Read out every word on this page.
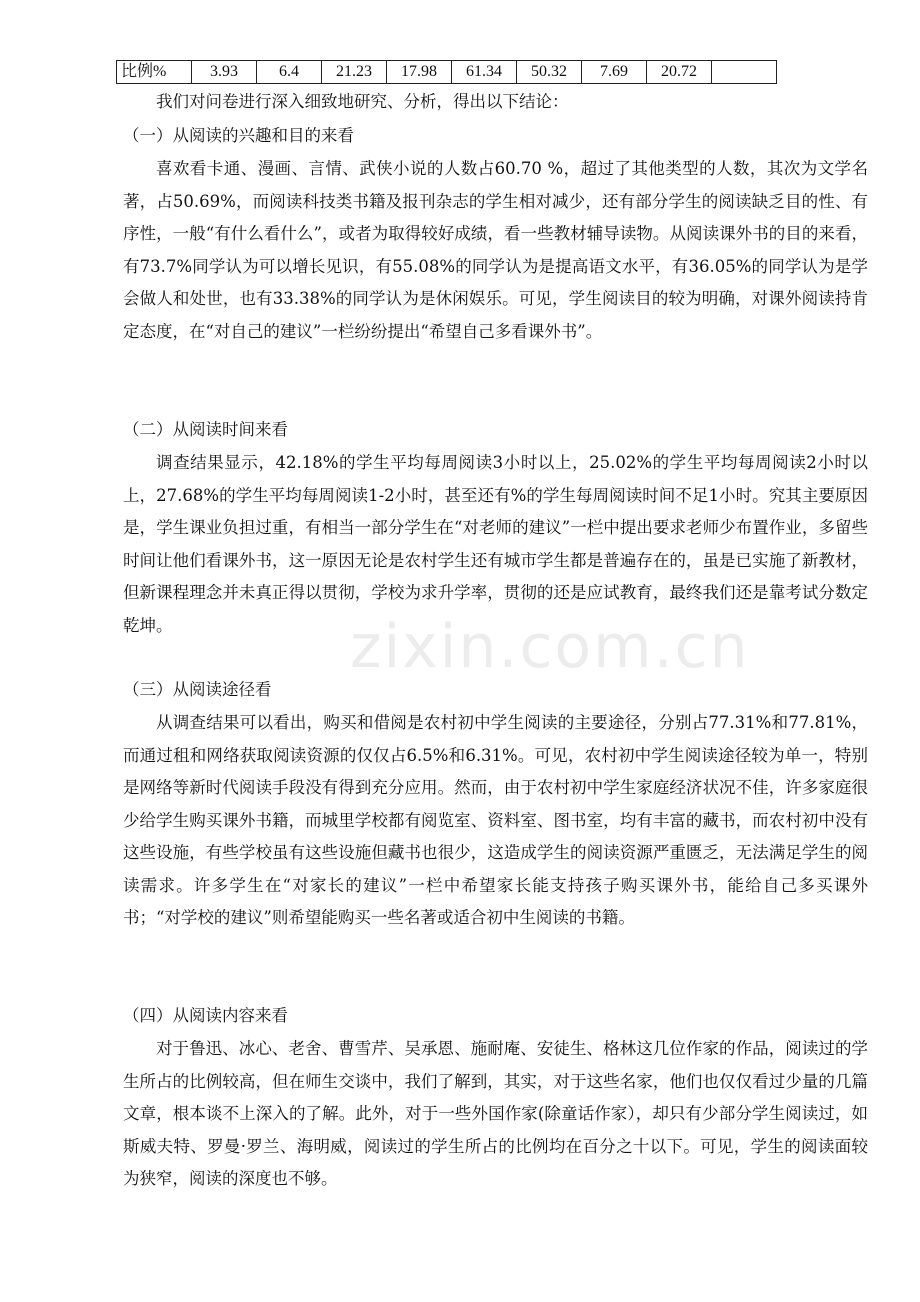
比例%	3.93	6.4	21.23	17.98	61.34	50.32	7.69	20.72	

我们对问卷进行深入细致地研究、分析，得出以下结论：

（一）从阅读的兴趣和目的来看

喜欢看卡通、漫画、言情、武侠小说的人数占60.70 %，超过了其他类型的人数，其次为文学名著，占50.69%，而阅读科技类书籍及报刊杂志的学生相对减少，还有部分学生的阅读缺乏目的性、有序性，一般“有什么看什么”，或者为取得较好成绩，看一些教材辅导读物。从阅读课外书的目的来看，有73.7%同学认为可以增长见识，有55.08%的同学认为是提高语文水平，有36.05%的同学认为是学会做人和处世，也有33.38%的同学认为是休闲娱乐。可见，学生阅读目的较为明确，对课外阅读持肯定态度，在“对自己的建议”一栏纷纷提出“希望自己多看课外书”。

（二）从阅读时间来看

调查结果显示，42.18%的学生平均每周阅读3小时以上，25.02%的学生平均每周阅读2小时以上，27.68%的学生平均每周阅读1-2小时，甚至还有%的学生每周阅读时间不足1小时。究其主要原因是，学生课业负担过重，有相当一部分学生在“对老师的建议”一栏中提出要求老师少布置作业，多留些时间让他们看课外书，这一原因无论是农村学生还有城市学生都是普遍存在的，虽是已实施了新教材，但新课程理念并未真正得以贯彻，学校为求升学率，贯彻的还是应试教育，最终我们还是靠考试分数定乾坤。

（三）从阅读途径看

从调查结果可以看出，购买和借阅是农村初中学生阅读的主要途径，分别占77.31%和77.81%，而通过租和网络获取阅读资源的仅仅占6.5%和6.31%。可见，农村初中学生阅读途径较为单一，特别是网络等新时代阅读手段没有得到充分应用。然而，由于农村初中学生家庭经济状况不佳，许多家庭很少给学生购买课外书籍，而城里学校都有阅览室、资料室、图书室，均有丰富的藏书，而农村初中没有这些设施，有些学校虽有这些设施但藏书也很少，这造成学生的阅读资源严重匮乏，无法满足学生的阅读需求。许多学生在“对家长的建议”一栏中希望家长能支持孩子购买课外书，能给自己多买课外书；“对学校的建议”则希望能购买一些名著或适合初中生阅读的书籍。

（四）从阅读内容来看

对于鲁迅、冰心、老舍、曹雪芹、吴承恩、施耐庵、安徒生、格林这几位作家的作品，阅读过的学生所占的比例较高，但在师生交谈中，我们了解到，其实，对于这些名家，他们也仅仅看过少量的几篇文章，根本谈不上深入的了解。此外，对于一些外国作家(除童话作家），却只有少部分学生阅读过，如斯威夫特、罗曼·罗兰、海明威，阅读过的学生所占的比例均在百分之十以下。可见，学生的阅读面较为狭窄，阅读的深度也不够。

zixin.com.cn
